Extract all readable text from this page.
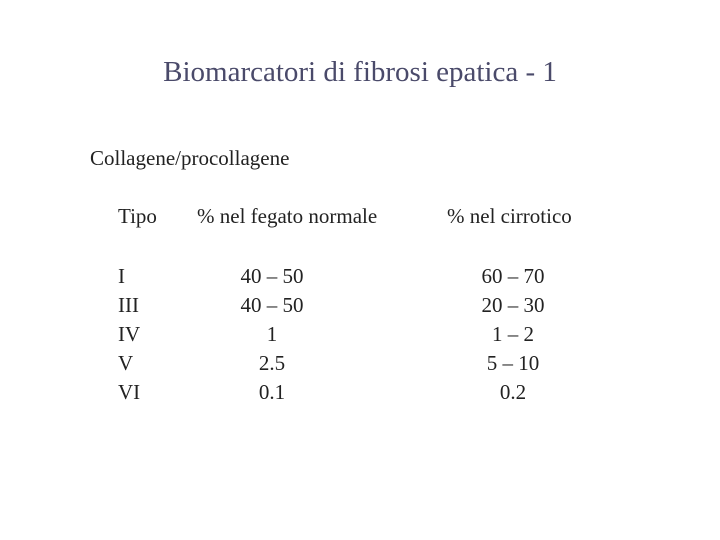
Biomarcatori di fibrosi epatica - 1
Collagene/procollagene
Tipo % nel fegato normale	% nel cirrotico
I
III
IV
V
VI
40 – 50
40 – 50
1
2.5
0.1
60 – 70
20 – 30
1 – 2
5 – 10
0.2
